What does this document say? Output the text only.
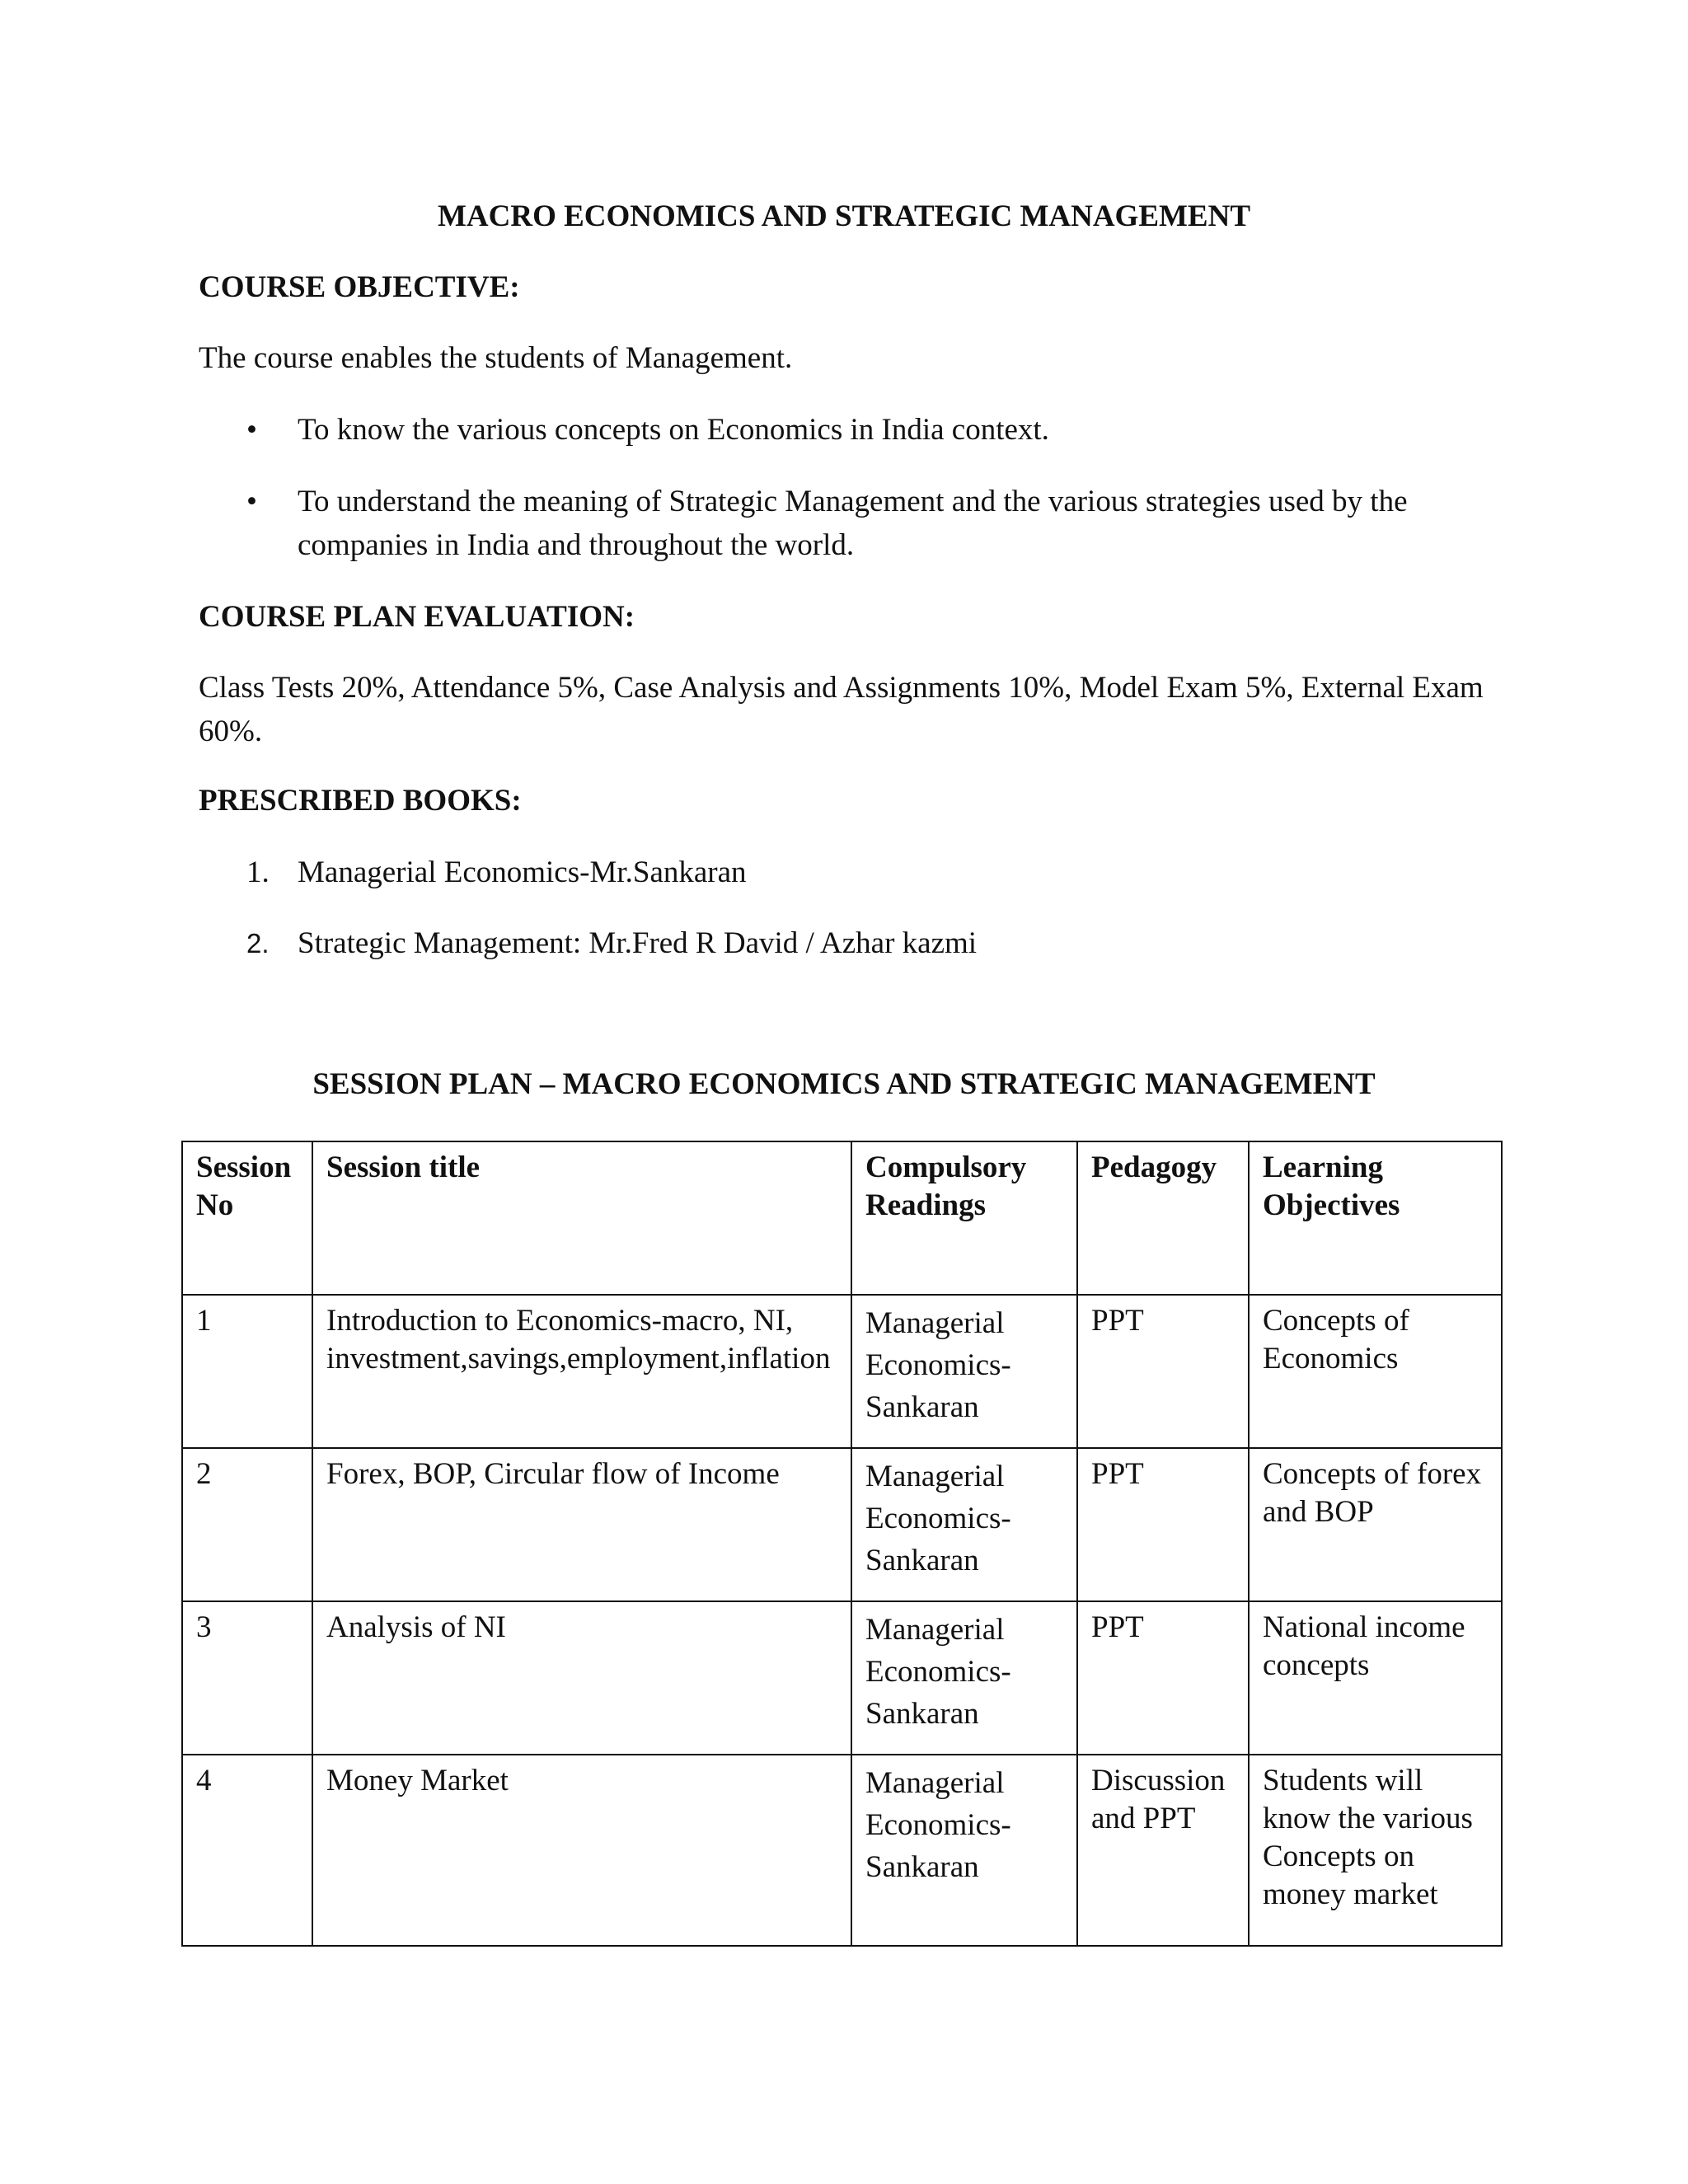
MACRO ECONOMICS AND STRATEGIC MANAGEMENT
COURSE OBJECTIVE:
The course enables the students of Management.
• To know the various concepts on Economics in India context.
• To understand the meaning of Strategic Management and the various strategies used by the companies in India and throughout the world.
COURSE PLAN EVALUATION:
Class Tests 20%, Attendance 5%, Case Analysis and Assignments 10%, Model Exam 5%, External Exam 60%.
PRESCRIBED BOOKS:
1. Managerial Economics-Mr.Sankaran
2. Strategic Management: Mr.Fred R David / Azhar kazmi
SESSION PLAN – MACRO ECONOMICS AND STRATEGIC MANAGEMENT
Session No	Session title	Compulsory Readings	Pedagogy	Learning Objectives
1	Introduction to Economics-macro, NI, investment,savings,employment,inflation	Managerial Economics-Sankaran	PPT	Concepts of Economics
2	Forex, BOP, Circular flow of Income	Managerial Economics-Sankaran	PPT	Concepts of forex and BOP
3	Analysis of NI	Managerial Economics-Sankaran	PPT	National income concepts
4	Money Market	Managerial Economics-Sankaran	Discussion and PPT	Students will know the various Concepts on money market
